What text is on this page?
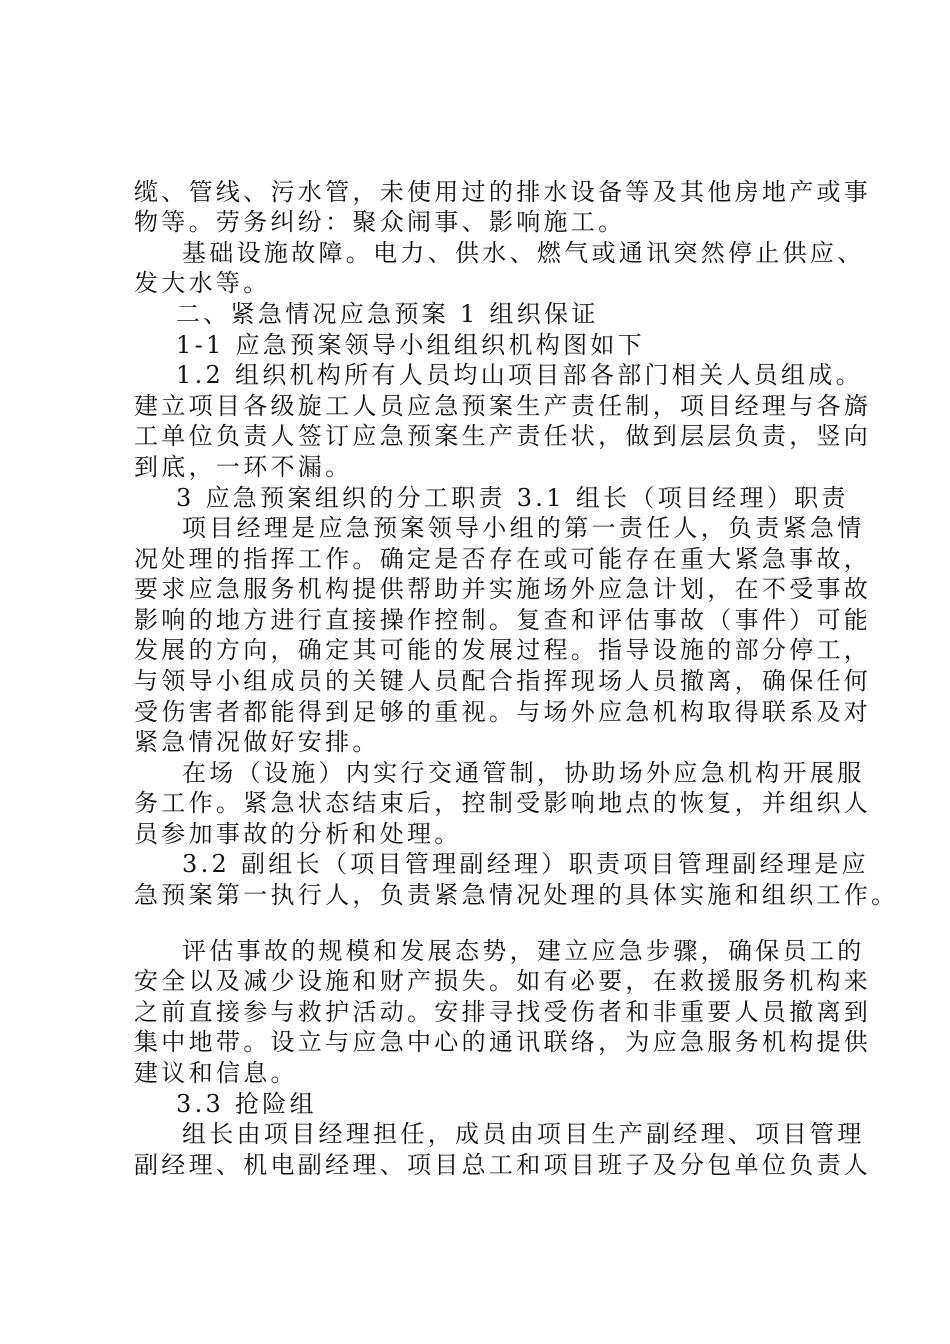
缆、管线、污水管，未使用过的排水设备等及其他房地产或事
物等。劳务纠纷：聚众闹事、影响施工。
基础设施故障。电力、供水、燃气或通讯突然停止供应、
发大水等。
二、紧急情况应急预案 1 组织保证
1-1 应急预案领导小组组织机构图如下
1.2 组织机构所有人员均山项目部各部门相关人员组成。
建立项目各级旋工人员应急预案生产责任制，项目经理与各旖
工单位负责人签订应急预案生产责任状，做到层层负责，竖向
到底，一环不漏。
3 应急预案组织的分工职责 3.1 组长（项目经理）职责
项目经理是应急预案领导小组的第一责任人，负责紧急情
况处理的指挥工作。确定是否存在或可能存在重大紧急事故，
要求应急服务机构提供帮助并实施场外应急计划，在不受事故
影响的地方进行直接操作控制。复查和评估事故（事件）可能
发展的方向，确定其可能的发展过程。指导设施的部分停工，
与领导小组成员的关键人员配合指挥现场人员撤离，确保任何
受伤害者都能得到足够的重视。与场外应急机构取得联系及对
紧急情况做好安排。
在场（设施）内实行交通管制，协助场外应急机构开展服
务工作。紧急状态结束后，控制受影响地点的恢复，并组织人
员参加事故的分析和处理。
3.2 副组长（项目管理副经理）职责项目管理副经理是应
急预案第一执行人，负责紧急情况处理的具体实施和组织工作。
评估事故的规模和发展态势，建立应急步骤，确保员工的
安全以及减少设施和财产损失。如有必要，在救援服务机构来
之前直接参与救护活动。安排寻找受伤者和非重要人员撤离到
集中地带。设立与应急中心的通讯联络，为应急服务机构提供
建议和信息。
3.3 抢险组
组长由项目经理担任，成员由项目生产副经理、项目管理
副经理、机电副经理、项目总工和项目班子及分包单位负责人
